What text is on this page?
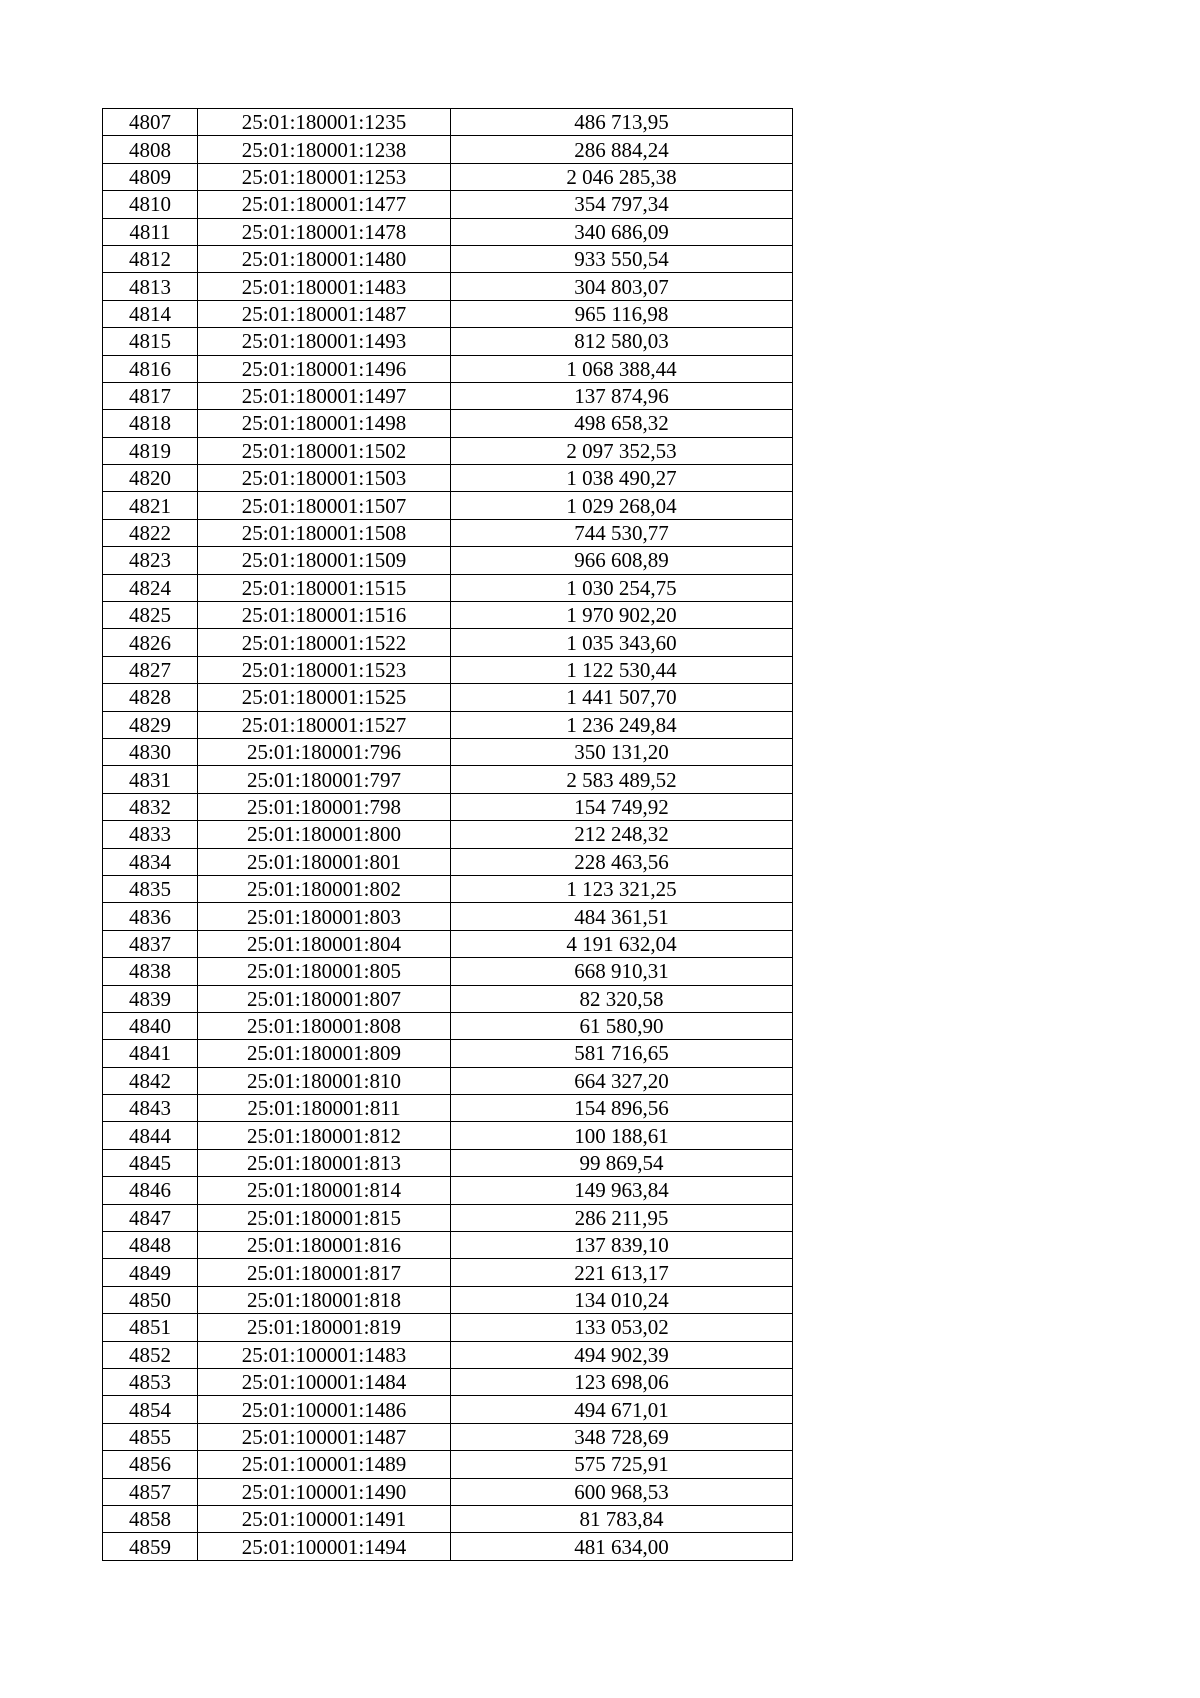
4807	25:01:180001:1235	486 713,95
4808	25:01:180001:1238	286 884,24
4809	25:01:180001:1253	2 046 285,38
4810	25:01:180001:1477	354 797,34
4811	25:01:180001:1478	340 686,09
4812	25:01:180001:1480	933 550,54
4813	25:01:180001:1483	304 803,07
4814	25:01:180001:1487	965 116,98
4815	25:01:180001:1493	812 580,03
4816	25:01:180001:1496	1 068 388,44
4817	25:01:180001:1497	137 874,96
4818	25:01:180001:1498	498 658,32
4819	25:01:180001:1502	2 097 352,53
4820	25:01:180001:1503	1 038 490,27
4821	25:01:180001:1507	1 029 268,04
4822	25:01:180001:1508	744 530,77
4823	25:01:180001:1509	966 608,89
4824	25:01:180001:1515	1 030 254,75
4825	25:01:180001:1516	1 970 902,20
4826	25:01:180001:1522	1 035 343,60
4827	25:01:180001:1523	1 122 530,44
4828	25:01:180001:1525	1 441 507,70
4829	25:01:180001:1527	1 236 249,84
4830	25:01:180001:796	350 131,20
4831	25:01:180001:797	2 583 489,52
4832	25:01:180001:798	154 749,92
4833	25:01:180001:800	212 248,32
4834	25:01:180001:801	228 463,56
4835	25:01:180001:802	1 123 321,25
4836	25:01:180001:803	484 361,51
4837	25:01:180001:804	4 191 632,04
4838	25:01:180001:805	668 910,31
4839	25:01:180001:807	82 320,58
4840	25:01:180001:808	61 580,90
4841	25:01:180001:809	581 716,65
4842	25:01:180001:810	664 327,20
4843	25:01:180001:811	154 896,56
4844	25:01:180001:812	100 188,61
4845	25:01:180001:813	99 869,54
4846	25:01:180001:814	149 963,84
4847	25:01:180001:815	286 211,95
4848	25:01:180001:816	137 839,10
4849	25:01:180001:817	221 613,17
4850	25:01:180001:818	134 010,24
4851	25:01:180001:819	133 053,02
4852	25:01:100001:1483	494 902,39
4853	25:01:100001:1484	123 698,06
4854	25:01:100001:1486	494 671,01
4855	25:01:100001:1487	348 728,69
4856	25:01:100001:1489	575 725,91
4857	25:01:100001:1490	600 968,53
4858	25:01:100001:1491	81 783,84
4859	25:01:100001:1494	481 634,00
